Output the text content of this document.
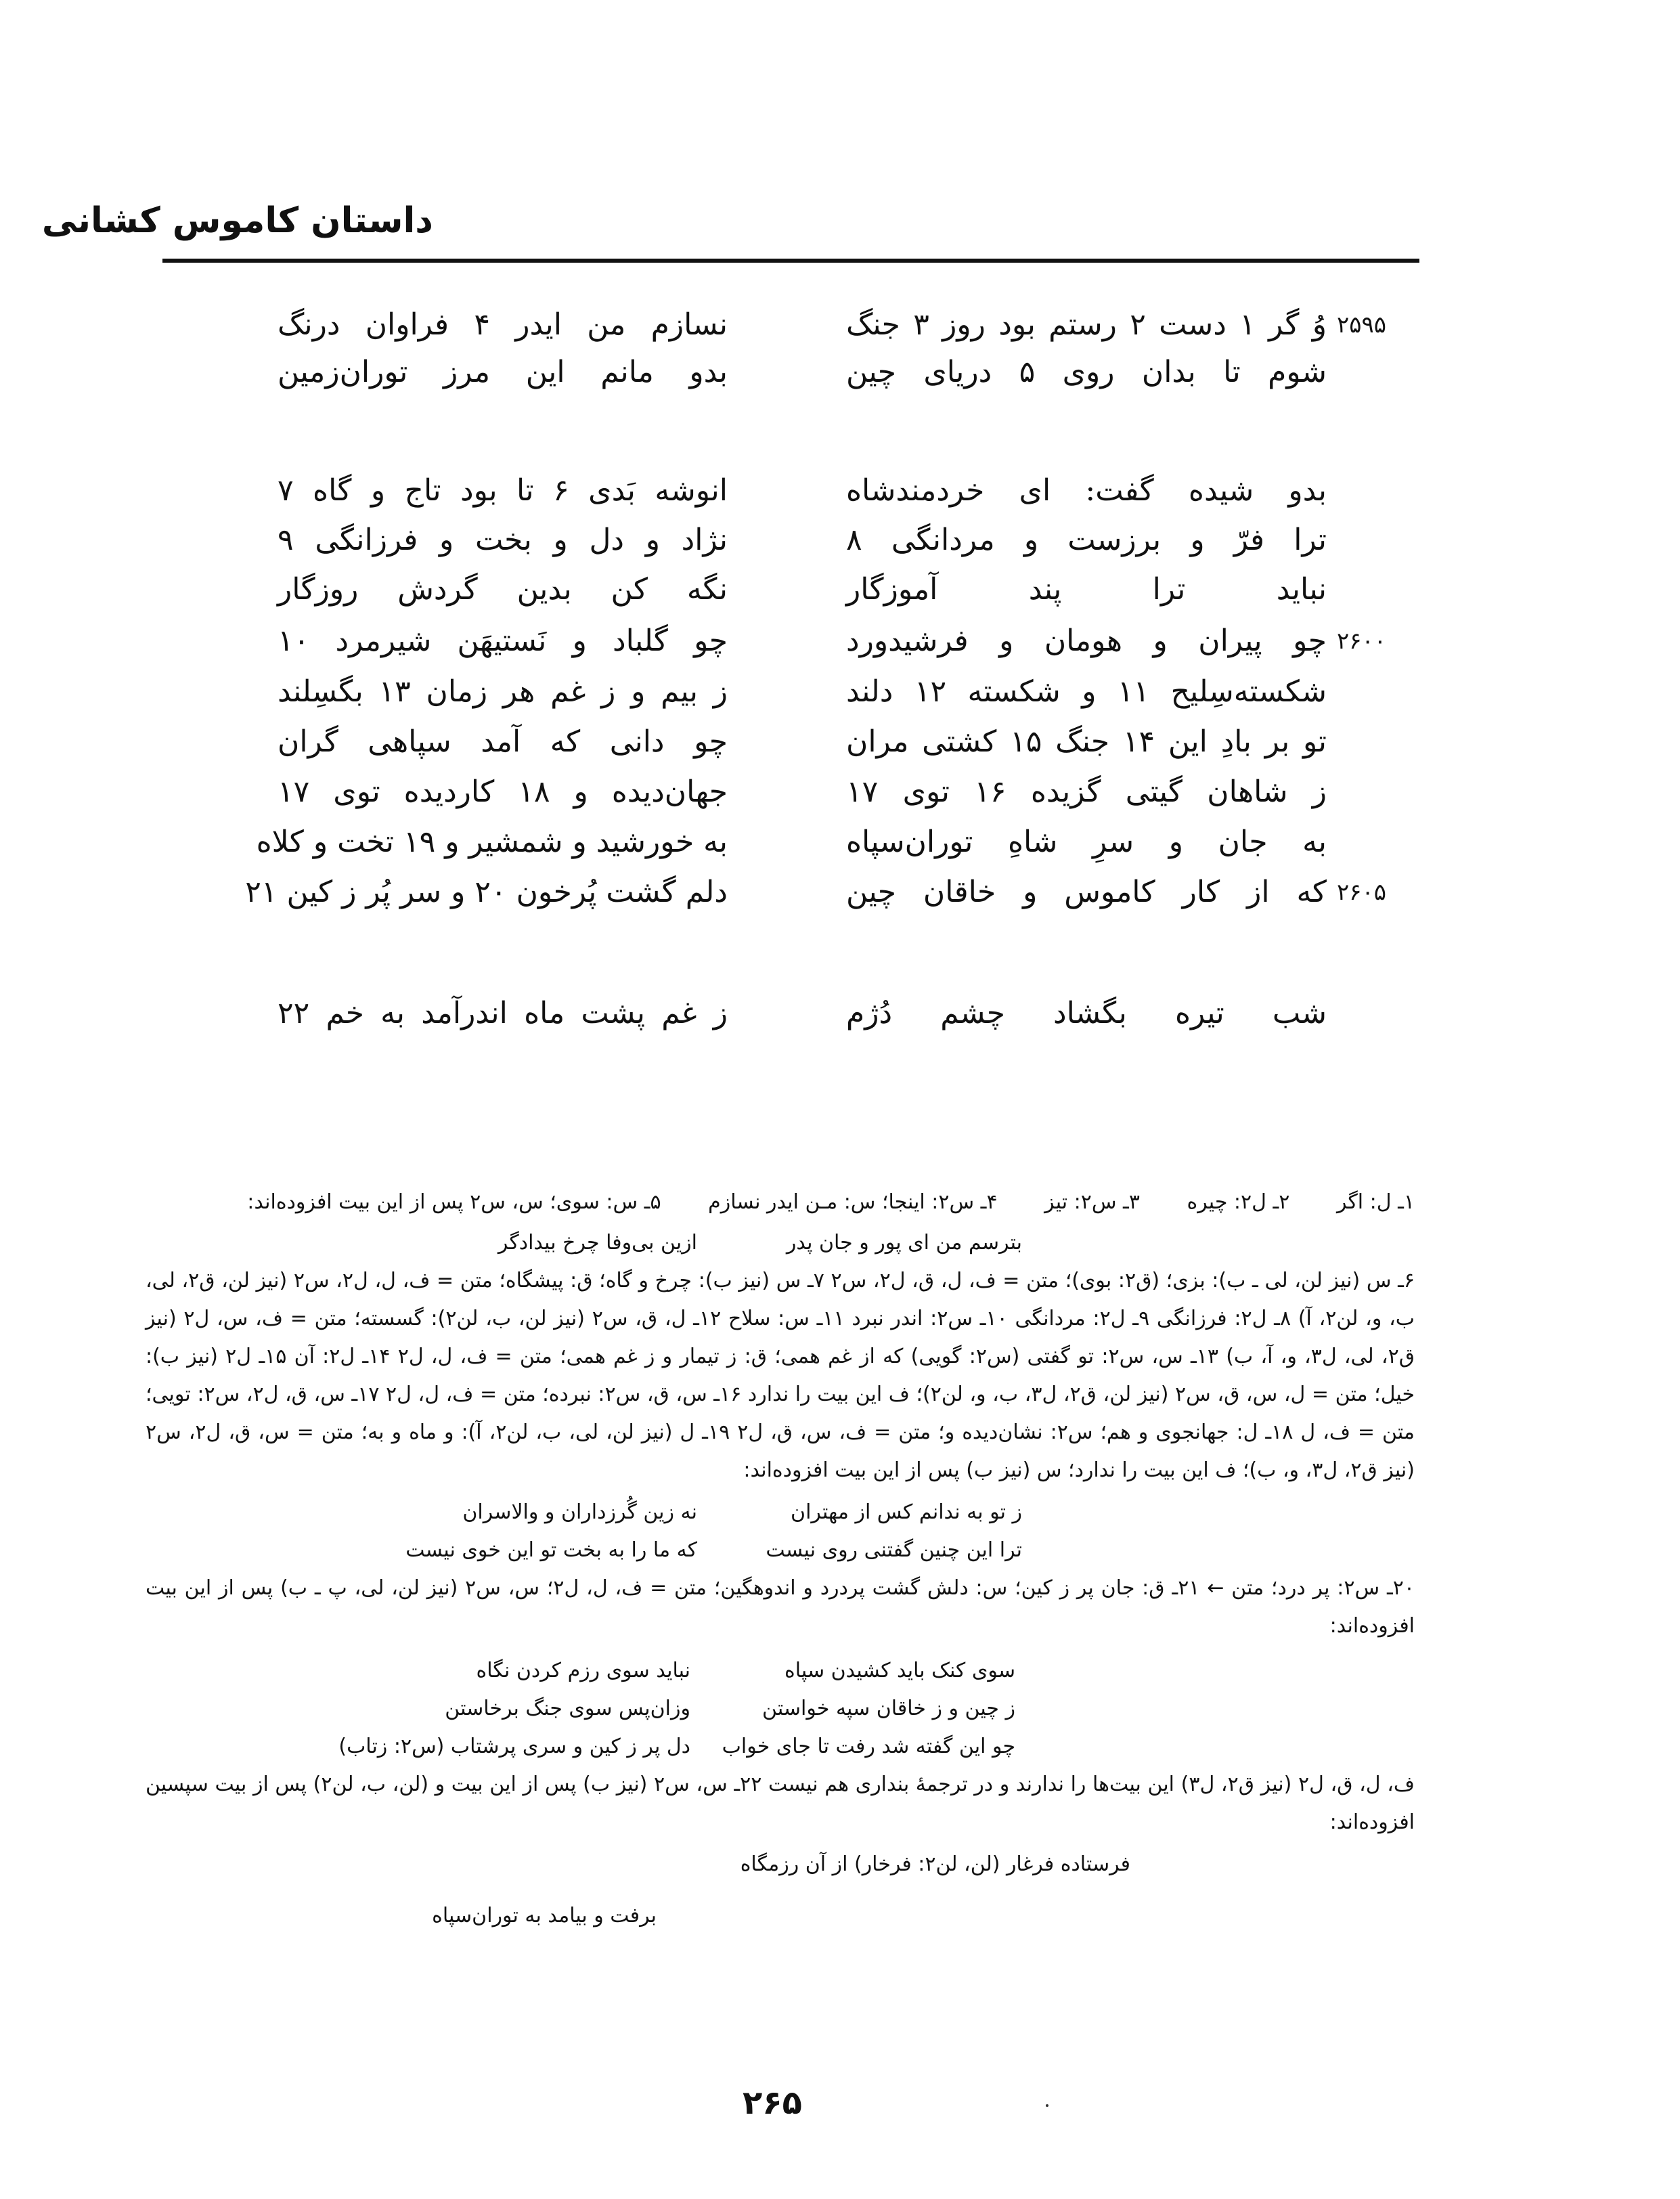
داستان کاموس کشانی
۲۵۹۵
وُ گر ۱ دست ۲ رستم بود روز ۳ جنگ
نسازم من ایدر ۴ فراوان درنگ
شوم تا بدان روی ۵ دریای چین
بدو مانم این مرز توران‌زمین
بدو شیده گفت: ای خردمندشاه
انوشه بَدی ۶ تا بود تاج و گاه ۷
ترا فرّ و برزست و مردانگی ۸
نژاد و دل و بخت و فرزانگی ۹
نباید ترا پند آموزگار
نگه کن بدین گردش روزگار
۲۶۰۰
چو پیران و هومان و فرشیدورد
چو گلباد و نَستیهَن شیرمرد ۱۰
شکسته‌سِلیح ۱۱ و شکسته ۱۲ دلند
ز بیم و ز غم هر زمان ۱۳ بگسِلند
تو بر بادِ این ۱۴ جنگ ۱۵ کشتی مران
چو دانی که آمد سپاهی گران
ز شاهان گیتی گزیده ۱۶ توی ۱۷
جهان‌دیده و ۱۸ کاردیده توی ۱۷
به جان و سرِ شاهِ توران‌سپاه
به خورشید و شمشیر و ۱۹ تخت و کلاه
۲۶۰۵
که از کار کاموس و خاقان چین
دلم گشت پُرخون ۲۰ و سر پُر ز کین ۲۱
شب تیره بگشاد چشم دُژم
ز غم پشت ماه اندرآمد به خم ۲۲

۱ـ ل: اگر ۲ـ ل۲: چیره ۳ـ س۲: تیز ۴ـ س۲: اینجا؛ س: مـن ایدر نسازم ۵ـ س: سوی؛ س، س۲ پس از این بیت افزوده‌اند:

بترسم من ای پور و جان پدر
ازین بی‌وفا چرخ بیدادگر

۶ـ س (نیز لن، لی ـ ب): بزی؛ (ق۲: بوی)؛ متن = ف، ل، ق، ل۲، س۲ ۷ـ س (نیز ب): چرخ و گاه؛ ق: پیشگاه؛ متن = ف، ل، ل۲، س۲ (نیز لن، ق۲، لی، ب، و، لن۲، آ) ۸ـ ل۲: فرزانگی ۹ـ ل۲: مردانگی ۱۰ـ س۲: اندر نبرد ۱۱ـ س: سلاح ۱۲ـ ل، ق، س۲ (نیز لن، ب، لن۲): گسسته؛ متن = ف، س، ل۲ (نیز ق۲، لی، ل۳، و، آ، ب) ۱۳ـ س، س۲: تو گفتی (س۲: گویی) که از غم همی؛ ق: ز تیمار و ز غم همی؛ متن = ف، ل، ل۲ ۱۴ـ ل۲: آن ۱۵ـ ل۲ (نیز ب): خیل؛ متن = ل، س، ق، س۲ (نیز لن، ق۲، ل۳، ب، و، لن۲)؛ ف این بیت را ندارد ۱۶ـ س، ق، س۲: نبرده؛ متن = ف، ل، ل۲ ۱۷ـ س، ق، ل۲، س۲: تویی؛ متن = ف، ل ۱۸ـ ل: جهانجوی و هم؛ س۲: نشان‌دیده و؛ متن = ف، س، ق، ل۲ ۱۹ـ ل (نیز لن، لی، ب، لن۲، آ): و ماه و به؛ متن = س، ق، ل۲، س۲ (نیز ق۲، ل۳، و، ب)؛ ف این بیت را ندارد؛ س (نیز ب) پس از این بیت افزوده‌اند:

ز تو به ندانم کس از مهتران
نه زین گُرزداران و والاسران
ترا این چنین گفتنی روی نیست
که ما را به بخت تو این خوی نیست

۲۰ـ س۲: پر درد؛ متن ← ۲۱ـ ق: جان پر ز کین؛ س: دلش گشت پردرد و اندوهگین؛ متن = ف، ل، ل۲؛ س، س۲ (نیز لن، لی، پ ـ ب) پس از این بیت افزوده‌اند:

سوی کنک باید کشیدن سپاه
نباید سوی رزم کردن نگاه
ز چین و ز خاقان سپه خواستن
وزان‌پس سوی جنگ برخاستن
چو این گفته شد رفت تا جای خواب
دل پر ز کین و سری پرشتاب (س۲: زتاب)

ف، ل، ق، ل۲ (نیز ق۲، ل۳) این بیت‌ها را ندارند و در ترجمهٔ بنداری هم نیست ۲۲ـ س، س۲ (نیز ب) پس از این بیت و (لن، ب، لن۲) پس از بیت سپسین افزوده‌اند:

فرستاده فرغار (لن، لن۲: فرخار) از آن رزمگاه
برفت و بیامد به توران‌سپاه
۲۶۵
